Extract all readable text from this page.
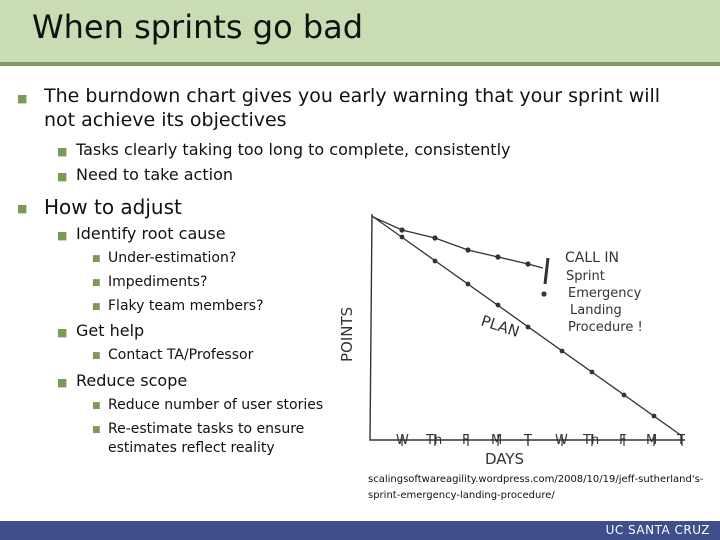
When sprints go bad
■ The burndown chart gives you early warning that your sprint will not achieve its objectives
■ Tasks clearly taking too long to complete, consistently
■ Need to take action
■ How to adjust
■ Identify root cause
■ Under-estimation?
■ Impediments?
■ Flaky team members?
■ Get help
■ Contact TA/Professor
■ Reduce scope
■ Reduce number of user stories
■ Re-estimate tasks to ensure estimates reflect reality
POINTS
DAYS
PLAN
CALL IN
Sprint
Emergency
Landing
Procedure !
W Th F M T W Th F M T
scalingsoftwareagility.wordpress.com/2008/10/19/jeff-sutherland's-sprint-emergency-landing-procedure/
UC SANTA CRUZ
